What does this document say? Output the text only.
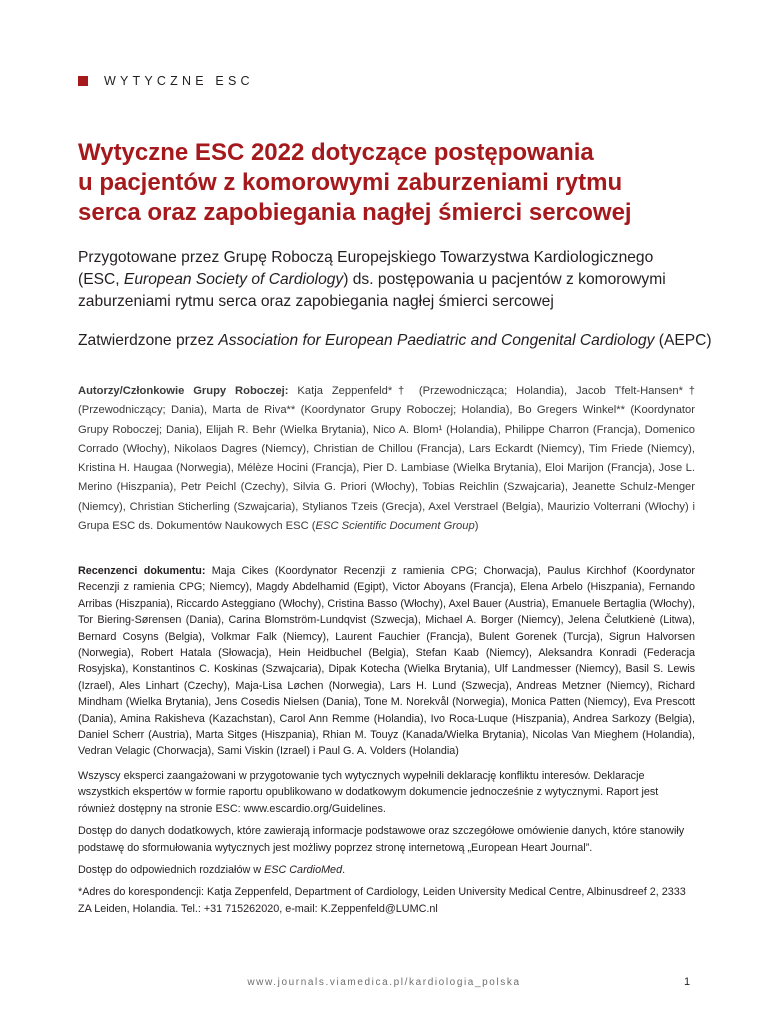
WYTYCZNE ESC
Wytyczne ESC 2022 dotyczące postępowania
u pacjentów z komorowymi zaburzeniami rytmu
serca oraz zapobiegania nagłej śmierci sercowej

Przygotowane przez Grupę Roboczą Europejskiego Towarzystwa Kardiologicznego
(ESC, European Society of Cardiology) ds. postępowania u pacjentów z komorowymi
zaburzeniami rytmu serca oraz zapobiegania nagłej śmierci sercowej

Zatwierdzone przez Association for European Paediatric and Congenital Cardiology (AEPC)

Autorzy/Członkowie Grupy Roboczej: Katja Zeppenfeld*† (Przewodnicząca; Holandia), Jacob Tfelt-Hansen*† (Przewodniczący; Dania), Marta de Riva** (Koordynator Grupy Roboczej; Holandia), Bo Gregers Winkel** (Koordynator Grupy Roboczej; Dania), Elijah R. Behr (Wielka Brytania), Nico A. Blom¹ (Holandia), Philippe Charron (Francja), Domenico Corrado (Włochy), Nikolaos Dagres (Niemcy), Christian de Chillou (Francja), Lars Eckardt (Niemcy), Tim Friede (Niemcy), Kristina H. Haugaa (Norwegia), Mélèze Hocini (Francja), Pier D. Lambiase (Wielka Brytania), Eloi Marijon (Francja), Jose L. Merino (Hiszpania), Petr Peichl (Czechy), Silvia G. Priori (Włochy), Tobias Reichlin (Szwajcaria), Jeanette Schulz-Menger (Niemcy), Christian Sticherling (Szwajcaria), Stylianos Tzeis (Grecja), Axel Verstrael (Belgia), Maurizio Volterrani (Włochy) i Grupa ESC ds. Dokumentów Naukowych ESC (ESC Scientific Document Group)

Recenzenci dokumentu: Maja Cikes (Koordynator Recenzji z ramienia CPG; Chorwacja), Paulus Kirchhof (Koordynator Recenzji z ramienia CPG; Niemcy), Magdy Abdelhamid (Egipt), Victor Aboyans (Francja), Elena Arbelo (Hiszpania), Fernando Arribas (Hiszpania), Riccardo Asteggiano (Włochy), Cristina Basso (Włochy), Axel Bauer (Austria), Emanuele Bertaglia (Włochy), Tor Biering-Sørensen (Dania), Carina Blomström-Lundqvist (Szwecja), Michael A. Borger (Niemcy), Jelena Čelutkienė (Litwa), Bernard Cosyns (Belgia), Volkmar Falk (Niemcy), Laurent Fauchier (Francja), Bulent Gorenek (Turcja), Sigrun Halvorsen (Norwegia), Robert Hatala (Słowacja), Hein Heidbuchel (Belgia), Stefan Kaab (Niemcy), Aleksandra Konradi (Federacja Rosyjska), Konstantinos C. Koskinas (Szwajcaria), Dipak Kotecha (Wielka Brytania), Ulf Landmesser (Niemcy), Basil S. Lewis (Izrael), Ales Linhart (Czechy), Maja-Lisa Løchen (Norwegia), Lars H. Lund (Szwecja), Andreas Metzner (Niemcy), Richard Mindham (Wielka Brytania), Jens Cosedis Nielsen (Dania), Tone M. Norekvål (Norwegia), Monica Patten (Niemcy), Eva Prescott (Dania), Amina Rakisheva (Kazachstan), Carol Ann Remme (Holandia), Ivo Roca-Luque (Hiszpania), Andrea Sarkozy (Belgia), Daniel Scherr (Austria), Marta Sitges (Hiszpania), Rhian M. Touyz (Kanada/Wielka Brytania), Nicolas Van Mieghem (Holandia), Vedran Velagic (Chorwacja), Sami Viskin (Izrael) i Paul G. A. Volders (Holandia)

Wszyscy eksperci zaangażowani w przygotowanie tych wytycznych wypełnili deklarację konfliktu interesów. Deklaracje wszystkich ekspertów w formie raportu opublikowano w dodatkowym dokumencie jednocześnie z wytycznymi. Raport jest również dostępny na stronie ESC: www.escardio.org/Guidelines.

Dostęp do danych dodatkowych, które zawierają informacje podstawowe oraz szczegółowe omówienie danych, które stanowiły podstawę do sformułowania wytycznych jest możliwy poprzez stronę internetową „European Heart Journal”.

Dostęp do odpowiednich rozdziałów w ESC CardioMed.

*Adres do korespondencji: Katja Zeppenfeld, Department of Cardiology, Leiden University Medical Centre, Albinusdreef 2, 2333 ZA Leiden, Holandia. Tel.: +31 715262020, e-mail: K.Zeppenfeld@LUMC.nl

www.journals.viamedica.pl/kardiologia_polska	1
